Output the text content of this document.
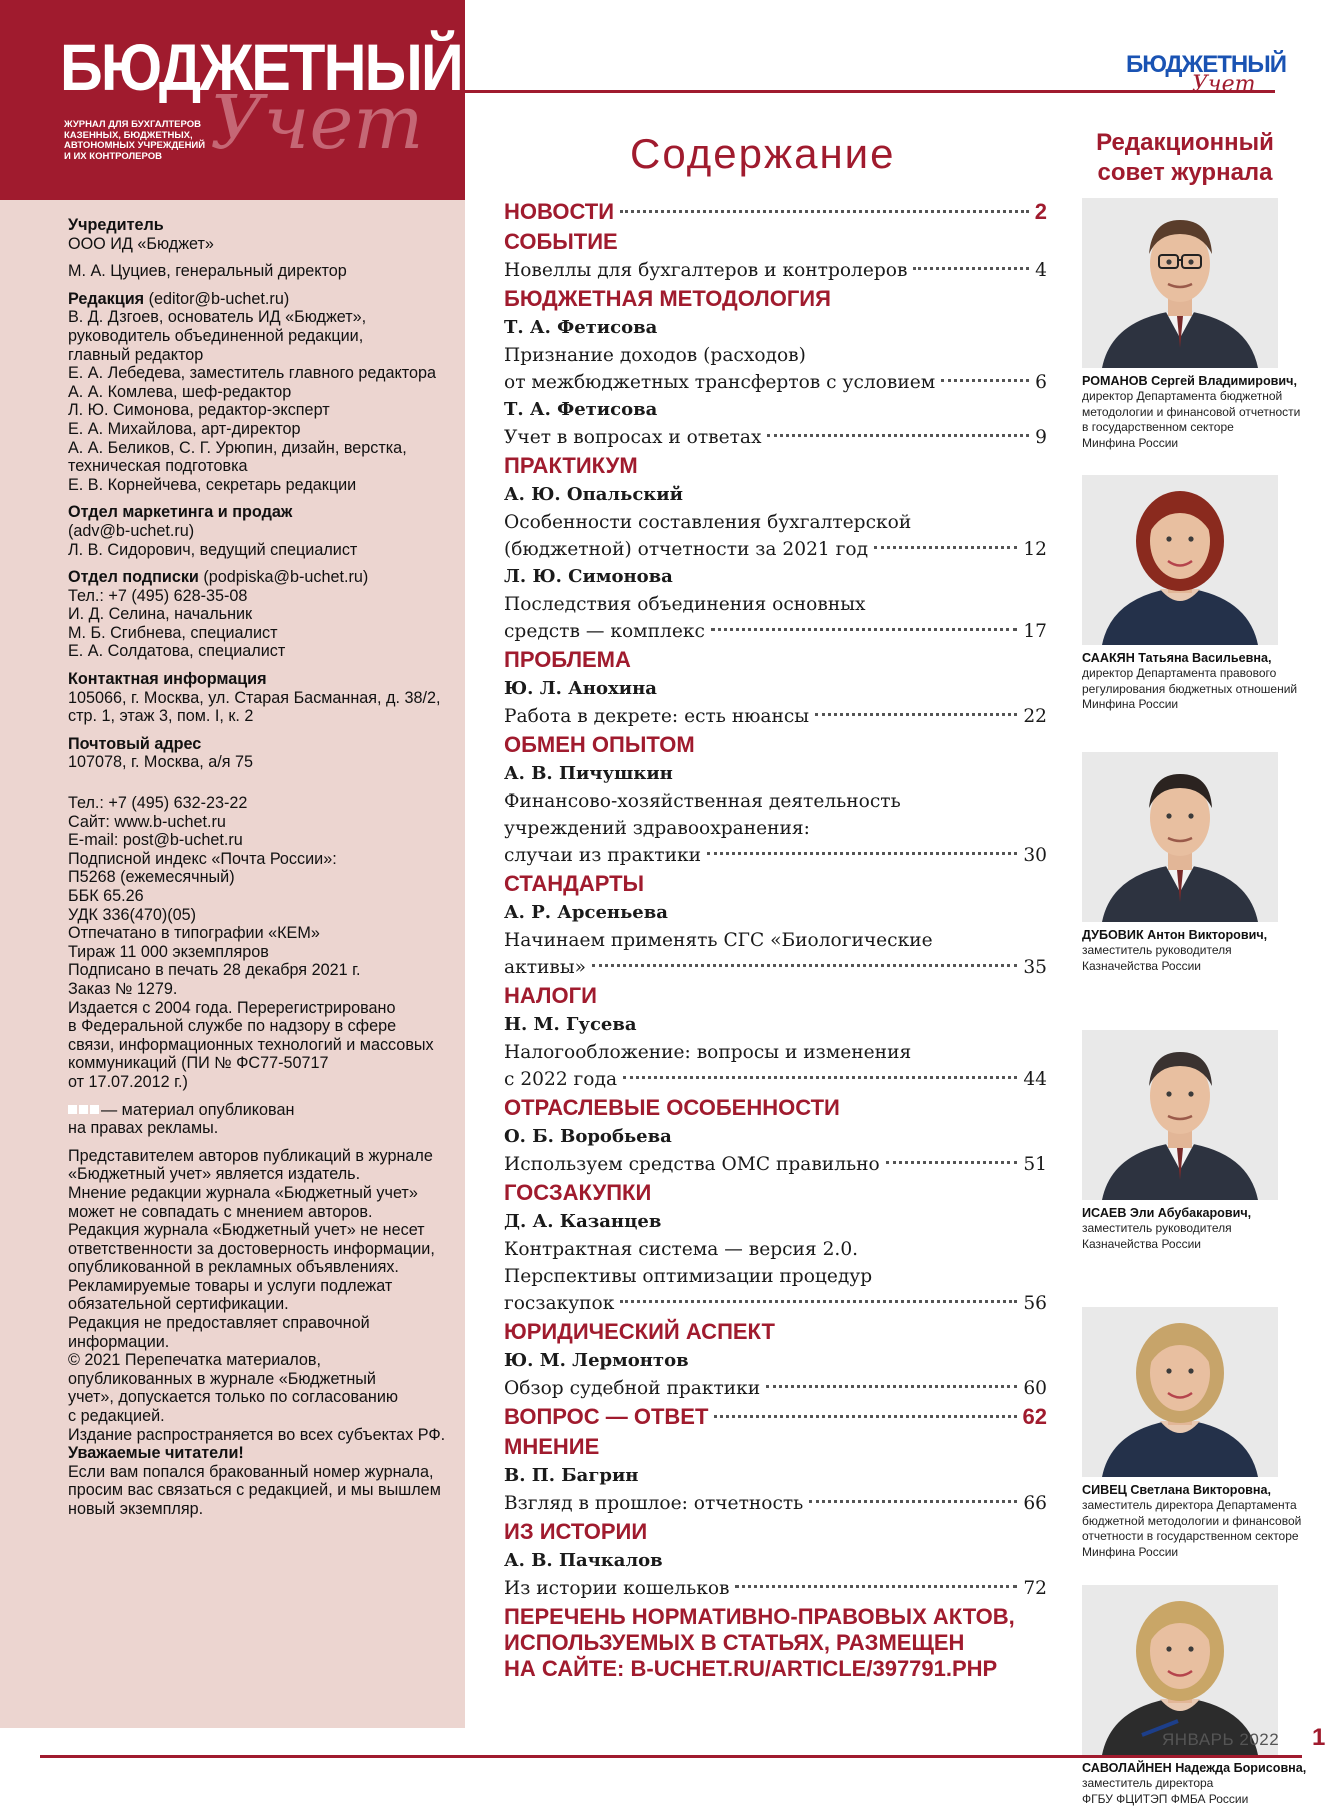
БЮДЖЕТНЫЙ
Учет
ЖУРНАЛ ДЛЯ БУХГАЛТЕРОВ
КАЗЕННЫХ, БЮДЖЕТНЫХ,
АВТОНОМНЫХ УЧРЕЖДЕНИЙ
И ИХ КОНТРОЛЕРОВ
Учредитель
ООО ИД «Бюджет»
М. А. Цуциев, генеральный директор
Редакция (editor@b-uchet.ru)
В. Д. Дзгоев, основатель ИД «Бюджет»,
руководитель объединенной редакции,
главный редактор
Е. А. Лебедева, заместитель главного редактора
А. А. Комлева, шеф-редактор
Л. Ю. Симонова, редактор-эксперт
Е. А. Михайлова, арт-директор
А. А. Беликов, С. Г. Урюпин, дизайн, верстка,
техническая подготовка
Е. В. Корнейчева, секретарь редакции
Отдел маркетинга и продаж
(adv@b-uchet.ru)
Л. В. Сидорович, ведущий специалист
Отдел подписки (podpiska@b-uchet.ru)
Тел.: +7 (495) 628-35-08
И. Д. Селина, начальник
М. Б. Сгибнева, специалист
Е. А. Солдатова, специалист
Контактная информация
105066, г. Москва, ул. Старая Басманная, д. 38/2,
стр. 1, этаж 3, пом. I, к. 2
Почтовый адрес
107078, г. Москва, а/я 75
Тел.: +7 (495) 632-23-22
Сайт: www.b-uchet.ru
E-mail: post@b-uchet.ru
Подписной индекс «Почта России»:
П5268 (ежемесячный)
ББК 65.26
УДК 336(470)(05)
Отпечатано в типографии «КЕМ»
Тираж 11 000 экземпляров
Подписано в печать 28 декабря 2021 г.
Заказ № 1279.
Издается с 2004 года. Перерегистрировано
в Федеральной службе по надзору в сфере
связи, информационных технологий и массовых
коммуникаций (ПИ № ФС77-50717
от 17.07.2012 г.)
— материал опубликован
на правах рекламы.
Представителем авторов публикаций в журнале
«Бюджетный учет» является издатель.
Мнение редакции журнала «Бюджетный учет»
может не совпадать с мнением авторов.
Редакция журнала «Бюджетный учет» не несет
ответственности за достоверность информации,
опубликованной в рекламных объявлениях.
Рекламируемые товары и услуги подлежат
обязательной сертификации.
Редакция не предоставляет справочной
информации.
© 2021 Перепечатка материалов,
опубликованных в журнале «Бюджетный
учет», допускается только по согласованию
с редакцией.
Издание распространяется во всех субъектах РФ.
Уважаемые читатели!
Если вам попался бракованный номер журнала,
просим вас связаться с редакцией, и мы вышлем
новый экземпляр.
БЮДЖЕТНЫЙ
Учет
Содержание
НОВОСТИ	2
СОБЫТИЕ
Новеллы для бухгалтеров и контролеров	4
БЮДЖЕТНАЯ МЕТОДОЛОГИЯ
Т. А. Фетисова
Признание доходов (расходов)
от межбюджетных трансфертов с условием	6
Т. А. Фетисова
Учет в вопросах и ответах	9
ПРАКТИКУМ
А. Ю. Опальский
Особенности составления бухгалтерской
(бюджетной) отчетности за 2021 год	12
Л. Ю. Симонова
Последствия объединения основных
средств — комплекс	17
ПРОБЛЕМА
Ю. Л. Анохина
Работа в декрете: есть нюансы	22
ОБМЕН ОПЫТОМ
А. В. Пичушкин
Финансово-хозяйственная деятельность
учреждений здравоохранения:
случаи из практики	30
СТАНДАРТЫ
А. Р. Арсеньева
Начинаем применять СГС «Биологические
активы»	35
НАЛОГИ
Н. М. Гусева
Налогообложение: вопросы и изменения
с 2022 года	44
ОТРАСЛЕВЫЕ ОСОБЕННОСТИ
О. Б. Воробьева
Используем средства ОМС правильно	51
ГОСЗАКУПКИ
Д. А. Казанцев
Контрактная система — версия 2.0.
Перспективы оптимизации процедур
госзакупок	56
ЮРИДИЧЕСКИЙ АСПЕКТ
Ю. М. Лермонтов
Обзор судебной практики	60
ВОПРОС — ОТВЕТ	62
МНЕНИЕ
В. П. Багрин
Взгляд в прошлое: отчетность	66
ИЗ ИСТОРИИ
А. В. Пачкалов
Из истории кошельков	72
ПЕРЕЧЕНЬ НОРМАТИВНО-ПРАВОВЫХ АКТОВ,
ИСПОЛЬЗУЕМЫХ В СТАТЬЯХ, РАЗМЕЩЕН
НА САЙТЕ: B-UCHET.RU/ARTICLE/397791.PHP
Редакционный
совет журнала
РОМАНОВ Сергей Владимирович,
директор Департамента бюджетной
методологии и финансовой отчетности
в государственном секторе
Минфина России
СААКЯН Татьяна Васильевна,
директор Департамента правового
регулирования бюджетных отношений
Минфина России
ДУБОВИК Антон Викторович,
заместитель руководителя
Казначейства России
ИСАЕВ Эли Абубакарович,
заместитель руководителя
Казначейства России
СИВЕЦ Светлана Викторовна,
заместитель директора Департамента
бюджетной методологии и финансовой
отчетности в государственном секторе
Минфина России
САВОЛАЙНЕН Надежда Борисовна,
заместитель директора
ФГБУ ФЦИТЭП ФМБА России
ЯНВАРЬ 2022 1
